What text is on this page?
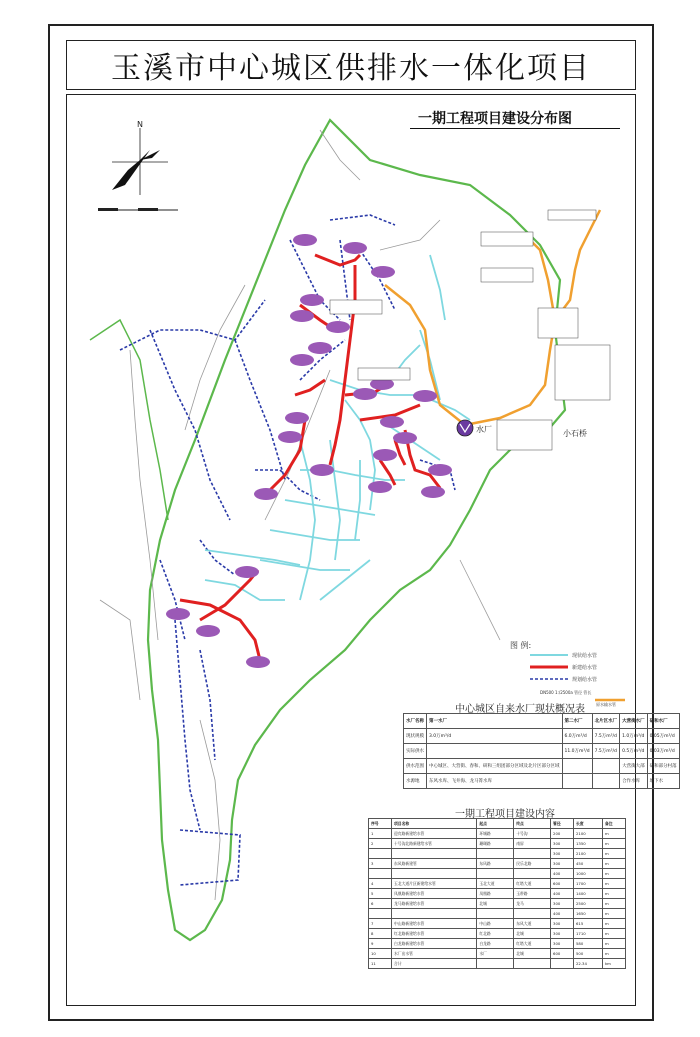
玉溪市中心城区供排水一体化项目
一期工程项目建设分布图
水厂	小石桥
N
现状给水管
新建给水管
规划给水管
DN500 1:/2500a 管径 管长
原水输水管
图 例:
中心城区自来水厂现状概况表
水厂名称	第一水厂	第二水厂	北片区水厂	大营街水厂	研和水厂
现状规模	3.0万m³/d	6.0万m³/d	7.5万m³/d	1.0万m³/d	0.05万m³/d
实际供水		11.0万m³/d	7.5万m³/d	0.5万m³/d	0.03万m³/d
供水范围	中心城区、大营街、春和、研和三组团部分区域及北片区部分区域			大营街大部	研和部分村落
水源地	东风水库、飞井海、龙马箐水库			合作水库	地下水
一期工程项目建设内容
序号	项目名称	起点	终点	管径	长度	备注
1	迎宾路新建给水管	环城路	十号沟	200	2100	m
2	十号沟北路新建给水管	珊瑚路	南屏	300	1350	m
				300	2100	m
3	东风路新建管	东风路	民乐北路	300	450	m
				400	1000	m
4	玉北大道片区新建给水管	玉北大道	红塔大道	600	1700	m
5	凤凰路新建给水管	凤凰路	玉带路	400	1400	m
6	龙马路新建给水管	北城	龙马	300	2500	m
				400	1650	m
7	中山路新建给水管	中山路	东风大道	300	615	m
8	红北路新建给水管	红北路	北城	300	1710	m
9	白龙路新建给水管	白龙路	红塔大道	300	580	m
10	水厂出水管	水厂	北城	600	500	m
11	合计				22.34	km
